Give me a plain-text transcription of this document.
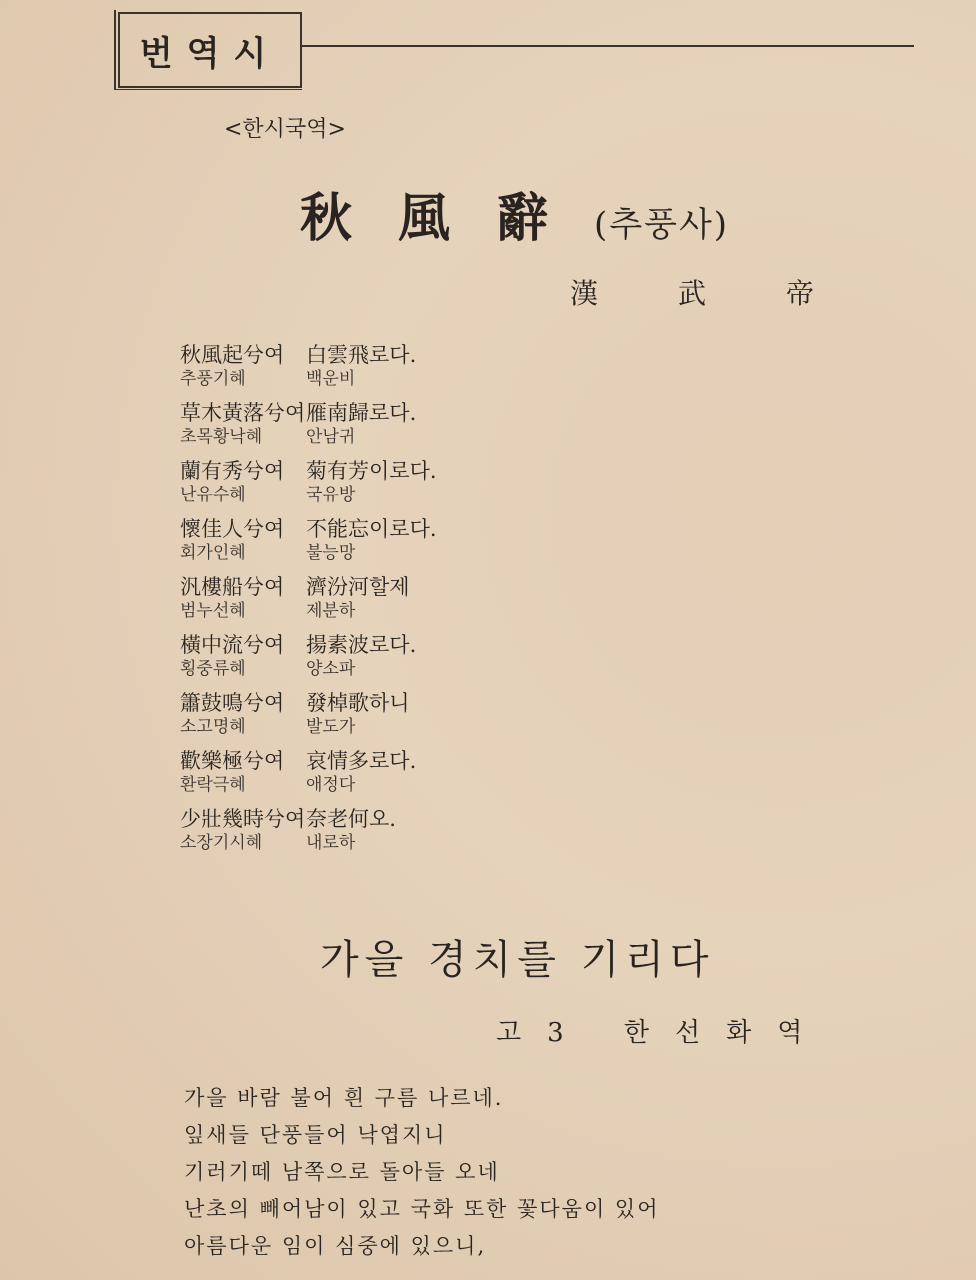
번역시
<한시국역>
秋風辭(추풍사)
漢武帝
秋風起兮여 白雲飛로다.
추풍기혜	백운비
草木黃落兮여雁南歸로다.
초목황낙혜	안남귀
蘭有秀兮여 菊有芳이로다.
난유수혜	국유방
懷佳人兮여 不能忘이로다.
회가인혜	불능망
汎樓船兮여 濟汾河할제
범누선혜	제분하
橫中流兮여 揚素波로다.
횡중류혜	양소파
簫鼓鳴兮여 發棹歌하니
소고명혜	발도가
歡樂極兮여 哀情多로다.
환락극혜	애정다
少壯幾時兮여奈老何오.
소장기시혜	내로하
가을 경치를 기리다
고3 한선화역
가을 바람 불어 흰 구름 나르네.
잎새들 단풍들어 낙엽지니
기러기떼 남쪽으로 돌아들 오네
난초의 빼어남이 있고 국화 또한 꽃다움이 있어
아름다운 임이 심중에 있으니,
